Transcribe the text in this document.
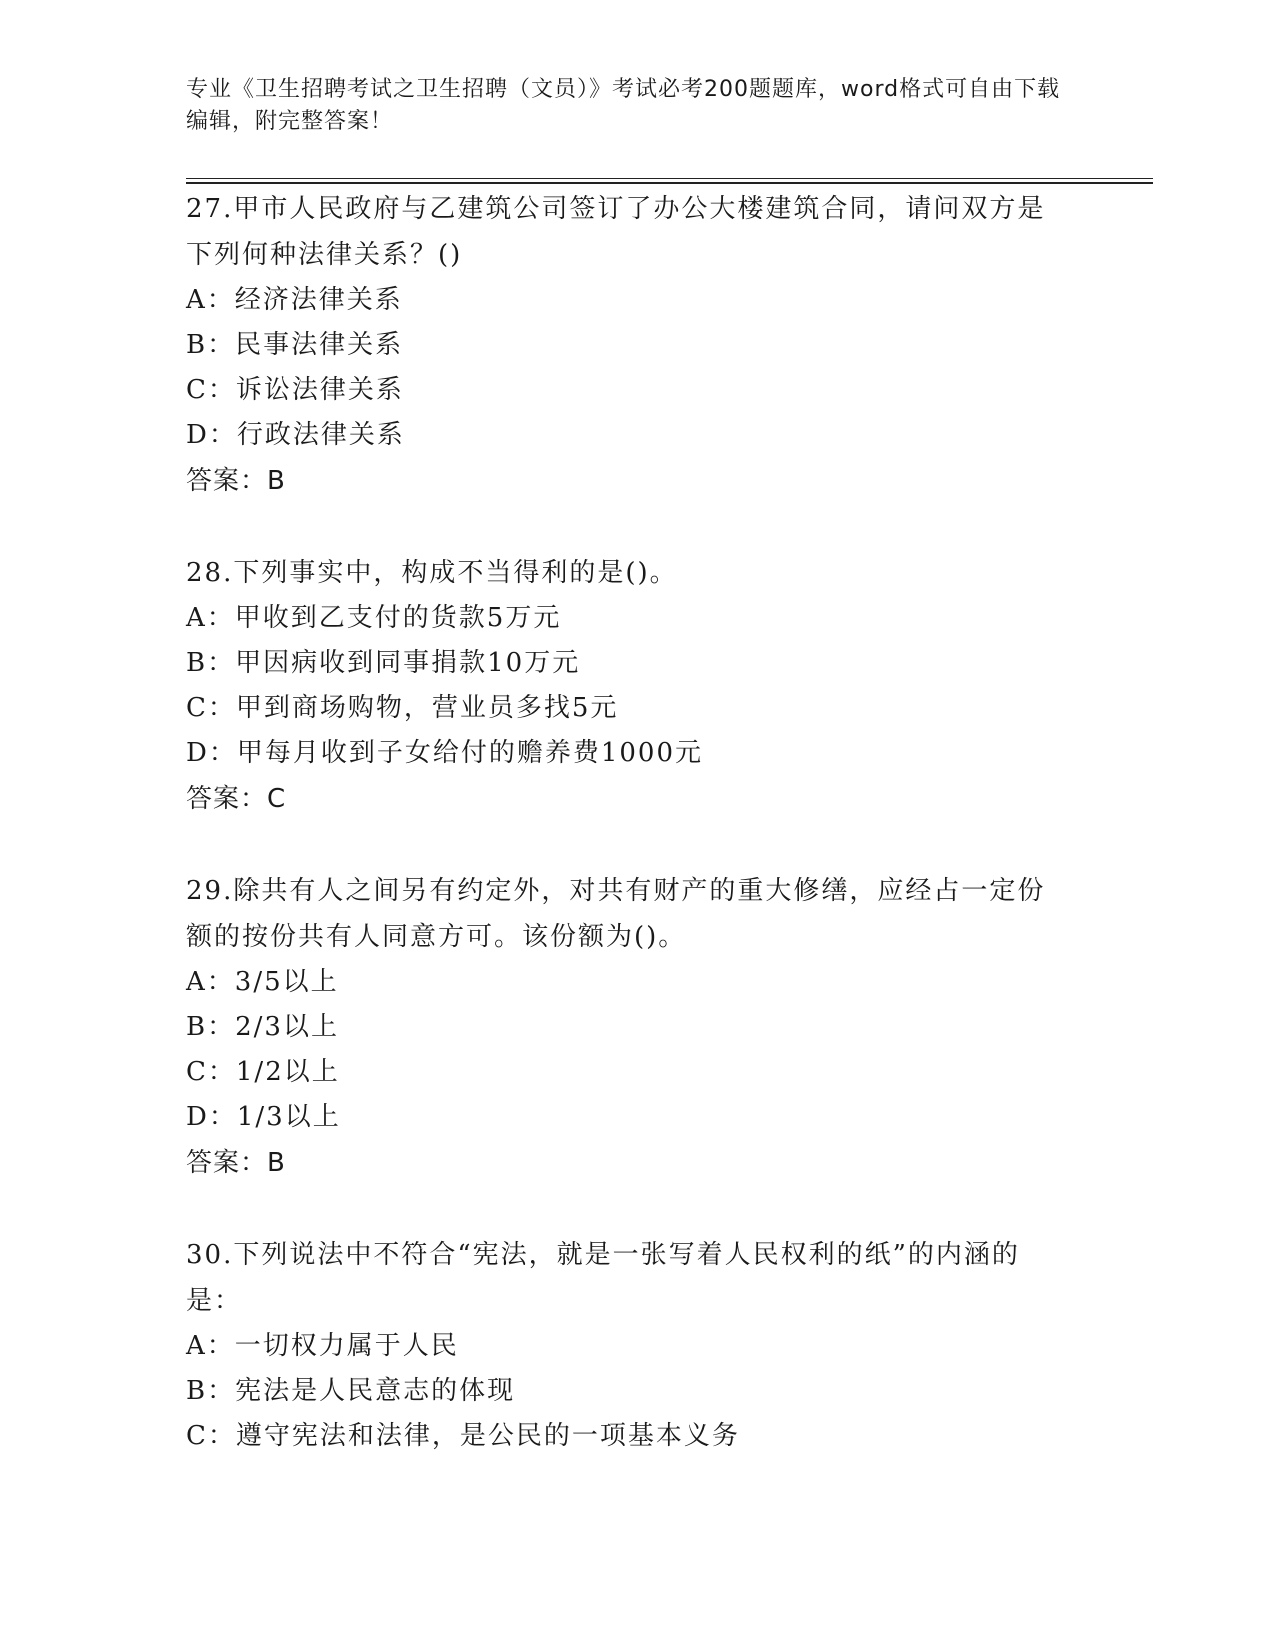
专业《卫生招聘考试之卫生招聘（文员）》考试必考200题题库，word格式可自由下载编辑，附完整答案！
27.甲市人民政府与乙建筑公司签订了办公大楼建筑合同，请问双方是下列何种法律关系？()
A：经济法律关系
B：民事法律关系
C：诉讼法律关系
D：行政法律关系
答案：B
28.下列事实中，构成不当得利的是()。
A：甲收到乙支付的货款5万元
B：甲因病收到同事捐款10万元
C：甲到商场购物，营业员多找5元
D：甲每月收到子女给付的赡养费1000元
答案：C
29.除共有人之间另有约定外，对共有财产的重大修缮，应经占一定份额的按份共有人同意方可。该份额为()。
A：3/5以上
B：2/3以上
C：1/2以上
D：1/3以上
答案：B
30.下列说法中不符合“宪法，就是一张写着人民权利的纸”的内涵的是：
A：一切权力属于人民
B：宪法是人民意志的体现
C：遵守宪法和法律，是公民的一项基本义务
